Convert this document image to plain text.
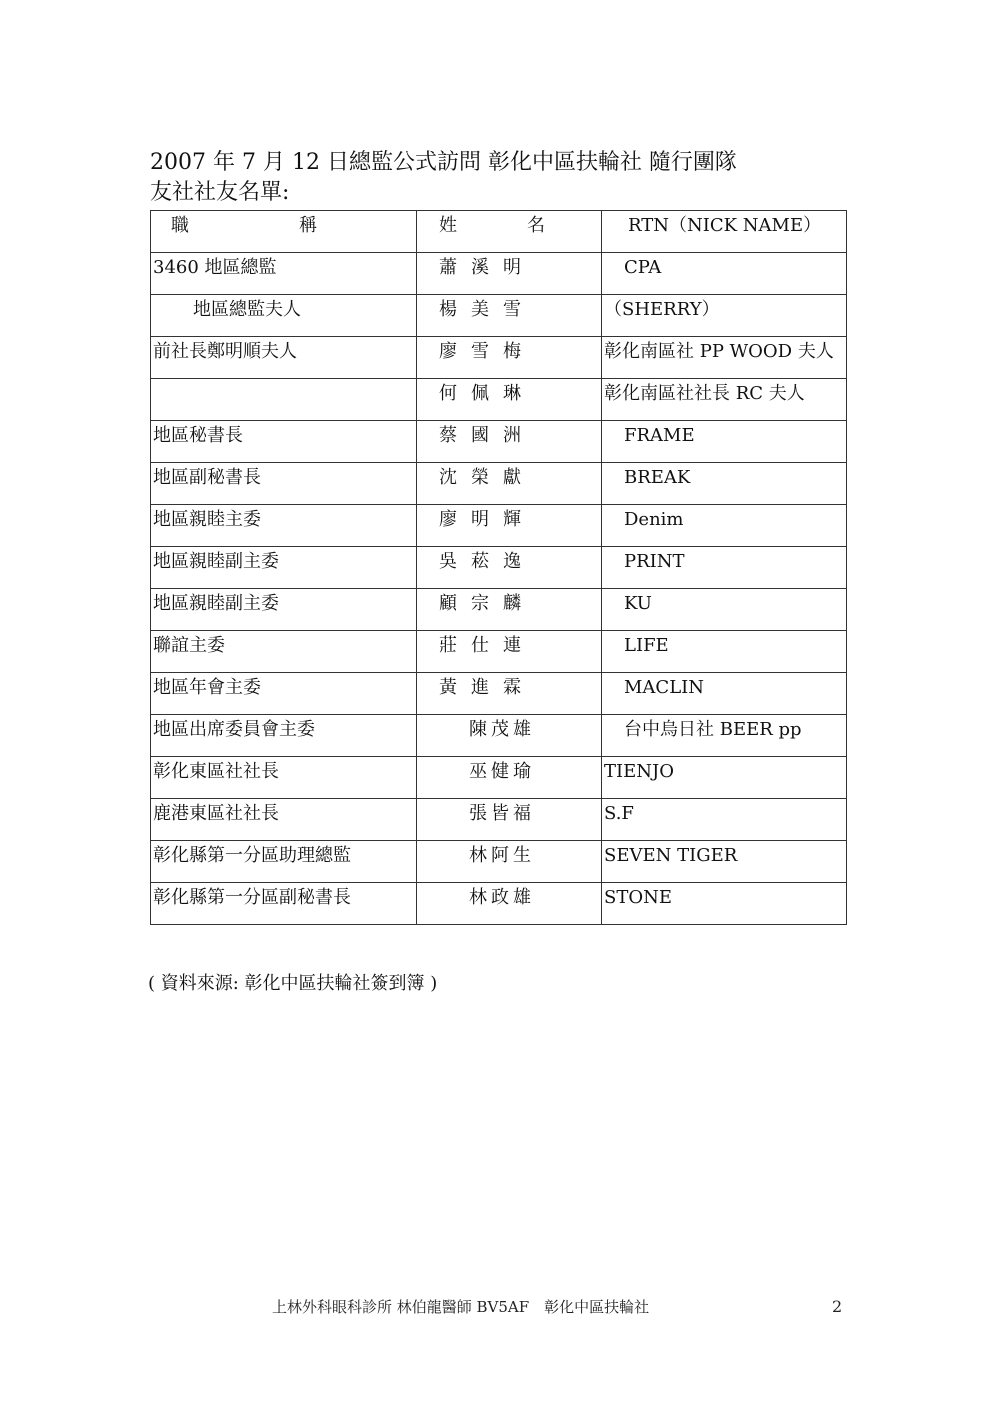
2007 年 7 月 12 日總監公式訪問 彰化中區扶輪社 隨行團隊
友社社友名單:
職 稱	姓 名	RTN（NICK NAME）
3460 地區總監	蕭溪明	CPA
地區總監夫人	楊美雪	（SHERRY）
前社長鄭明順夫人	廖雪梅	彰化南區社 PP WOOD 夫人
	何佩琳	彰化南區社社長 RC 夫人
地區秘書長	蔡國洲	FRAME
地區副秘書長	沈榮獻	BREAK
地區親睦主委	廖明輝	Denim
地區親睦副主委	吳菘逸	PRINT
地區親睦副主委	顧宗麟	KU
聯誼主委	莊仕連	LIFE
地區年會主委	黃進霖	MACLIN
地區出席委員會主委	陳茂雄	台中烏日社 BEER pp
彰化東區社社長	巫健瑜	TIENJO
鹿港東區社社長	張皆福	S.F
彰化縣第一分區助理總監	林阿生	SEVEN TIGER
彰化縣第一分區副秘書長	林政雄	STONE
( 資料來源: 彰化中區扶輪社簽到簿 )
上林外科眼科診所 林伯龍醫師 BV5AF　彰化中區扶輪社	2
